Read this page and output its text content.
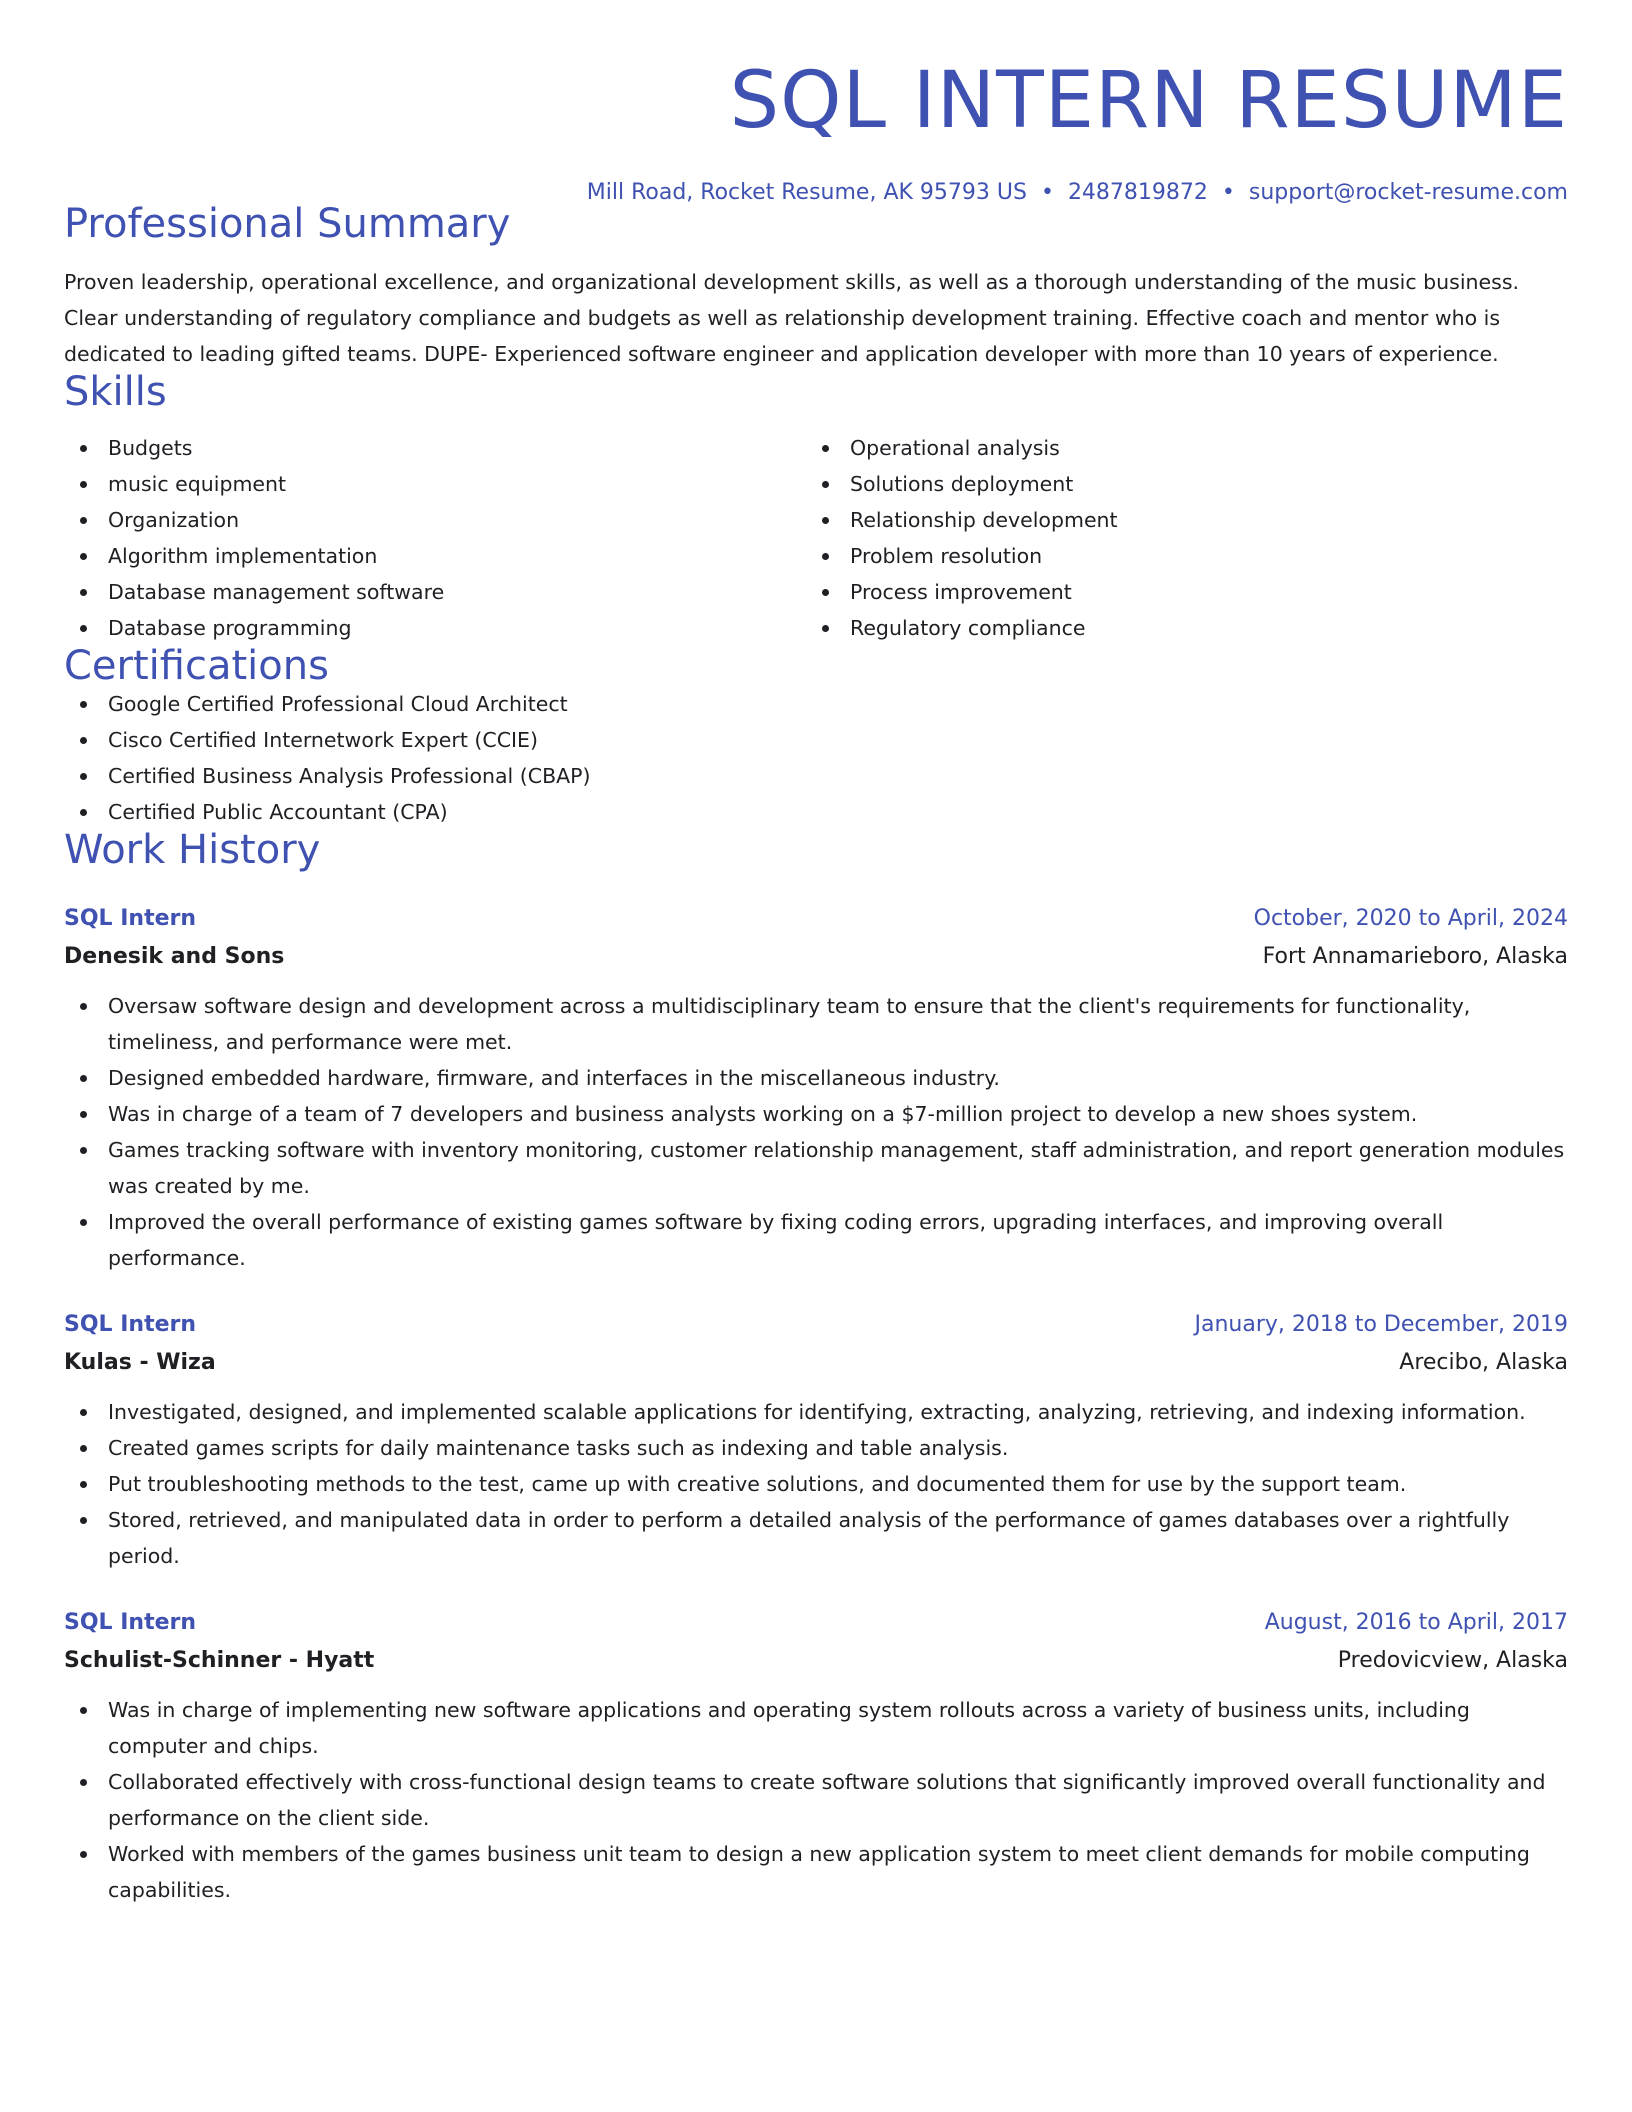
SQL INTERN RESUME
Mill Road, Rocket Resume, AK 95793 US • 2487819872 • support@rocket-resume.com
Professional Summary
Proven leadership, operational excellence, and organizational development skills, as well as a thorough understanding of the music business. Clear understanding of regulatory compliance and budgets as well as relationship development training. Effective coach and mentor who is dedicated to leading gifted teams. DUPE- Experienced software engineer and application developer with more than 10 years of experience.
Skills
Budgets
music equipment
Organization
Algorithm implementation
Database management software
Database programming
Operational analysis
Solutions deployment
Relationship development
Problem resolution
Process improvement
Regulatory compliance
Certifications
Google Certified Professional Cloud Architect
Cisco Certified Internetwork Expert (CCIE)
Certified Business Analysis Professional (CBAP)
Certified Public Accountant (CPA)
Work History
SQL Intern	October, 2020 to April, 2024
Denesik and Sons	Fort Annamarieboro, Alaska
Oversaw software design and development across a multidisciplinary team to ensure that the client's requirements for functionality, timeliness, and performance were met.
Designed embedded hardware, firmware, and interfaces in the miscellaneous industry.
Was in charge of a team of 7 developers and business analysts working on a $7-million project to develop a new shoes system.
Games tracking software with inventory monitoring, customer relationship management, staff administration, and report generation modules was created by me.
Improved the overall performance of existing games software by fixing coding errors, upgrading interfaces, and improving overall performance.
SQL Intern	January, 2018 to December, 2019
Kulas - Wiza	Arecibo, Alaska
Investigated, designed, and implemented scalable applications for identifying, extracting, analyzing, retrieving, and indexing information.
Created games scripts for daily maintenance tasks such as indexing and table analysis.
Put troubleshooting methods to the test, came up with creative solutions, and documented them for use by the support team.
Stored, retrieved, and manipulated data in order to perform a detailed analysis of the performance of games databases over a rightfully period.
SQL Intern	August, 2016 to April, 2017
Schulist-Schinner - Hyatt	Predovicview, Alaska
Was in charge of implementing new software applications and operating system rollouts across a variety of business units, including computer and chips.
Collaborated effectively with cross-functional design teams to create software solutions that significantly improved overall functionality and performance on the client side.
Worked with members of the games business unit team to design a new application system to meet client demands for mobile computing capabilities.
